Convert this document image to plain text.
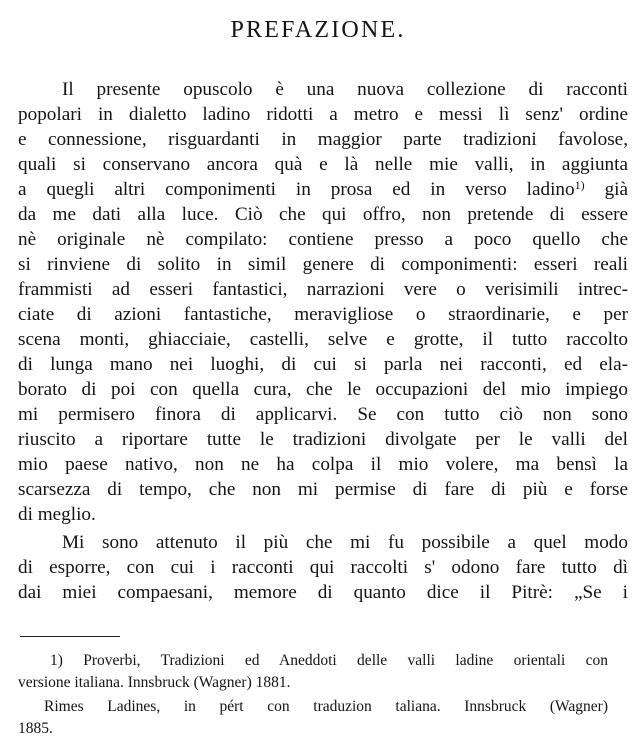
PREFAZIONE.
Il presente opuscolo è una nuova collezione di racconti
popolari in dialetto ladino ridotti a metro e messi lì senz' ordine
e connessione, risguardanti in maggior parte tradizioni favolose,
quali si conservano ancora quà e là nelle mie valli, in aggiunta
a quegli altri componimenti in prosa ed in verso ladino$^{1)}$ già
da me dati alla luce. Ciò che qui offro, non pretende di essere
nè originale nè compilato: contiene presso a poco quello che
si rinviene di solito in simil genere di componimenti: esseri reali
frammisti ad esseri fantastici, narrazioni vere o verisimili intrec-
ciate di azioni fantastiche, meravigliose o straordinarie, e per
scena monti, ghiacciaie, castelli, selve e grotte, il tutto raccolto
di lunga mano nei luoghi, di cui si parla nei racconti, ed ela-
borato di poi con quella cura, che le occupazioni del mio impiego
mi permisero finora di applicarvi. Se con tutto ciò non sono
riuscito a riportare tutte le tradizioni divolgate per le valli del
mio paese nativo, non ne ha colpa il mio volere, ma bensì la
scarsezza di tempo, che non mi permise di fare di più e forse
di meglio.
Mi sono attenuto il più che mi fu possibile a quel modo
di esporre, con cui i racconti qui raccolti s' odono fare tutto dì
dai miei compaesani, memore di quanto dice il Pitrè: „Se i
1) Proverbi, Tradizioni ed Aneddoti delle valli ladine orientali con
versione italiana. Innsbruck (Wagner) 1881.
Rimes Ladines, in pért con traduzion taliana. Innsbruck (Wagner)
1885.
